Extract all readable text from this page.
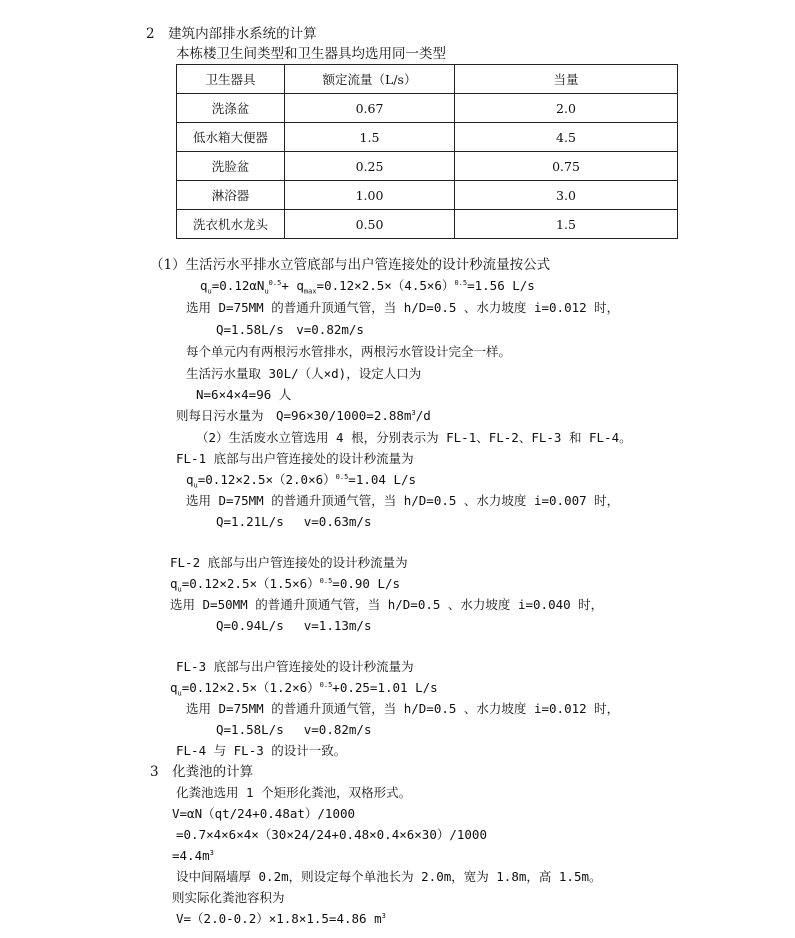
2　建筑内部排水系统的计算
本栋楼卫生间类型和卫生器具均选用同一类型
卫生器具	额定流量（L/s）	当量
洗涤盆	0.67	2.0
低水箱大便器	1.5	4.5
洗脸盆	0.25	0.75
淋浴器	1.00	3.0
洗衣机水龙头	0.50	1.5
（1）生活污水平排水立管底部与出户管连接处的设计秒流量按公式
$q_u=0.12\alpha N_u^{0.5}+ q_{max}=0.12\times 2.5\times(4.5\times 6)^{0.5}=1.56$ L/s
选用 D=75MM 的普通升顶通气管，当 h/D=0.5 、水力坡度 i=0.012 时，
Q=1.58L/s　v=0.82m/s
每个单元内有两根污水管排水，两根污水管设计完全一样。
生活污水量取 30L/（人×d)，设定人口为
N=6×4×4=96 人
则每日污水量为　$Q=96\times 30/1000=2.88m^3/d$
（2）生活废水立管选用 4 根，分别表示为 FL-1、FL-2、FL-3 和 FL-4。
FL-1 底部与出户管连接处的设计秒流量为
$q_u=0.12\times 2.5\times(2.0\times 6)^{0.5}=1.04$ L/s
选用 D=75MM 的普通升顶通气管，当 h/D=0.5 、水力坡度 i=0.007 时，
Q=1.21L/s　 v=0.63m/s
FL-2 底部与出户管连接处的设计秒流量为
$q_u=0.12\times 2.5\times(1.5\times 6)^{0.5}=0.90$ L/s
选用 D=50MM 的普通升顶通气管，当 h/D=0.5 、水力坡度 i=0.040 时，
Q=0.94L/s　 v=1.13m/s
FL-3 底部与出户管连接处的设计秒流量为
$q_u=0.12\times 2.5\times(1.2\times 6)^{0.5}+0.25=1.01$ L/s
选用 D=75MM 的普通升顶通气管，当 h/D=0.5 、水力坡度 i=0.012 时，
Q=1.58L/s　 v=0.82m/s
FL-4 与 FL-3 的设计一致。
3　化粪池的计算
化粪池选用 1 个矩形化粪池，双格形式。
V=αN（qt/24+0.48at）/1000
=0.7×4×6×4×（30×24/24+0.48×0.4×6×30）/1000
$=4.4m^3$
设中间隔墙厚 0.2m，则设定每个单池长为 2.0m，宽为 1.8m，高 1.5m。
则实际化粪池容积为
V=（2.0-0.2）×1.8×1.5=4.86 $m^3$
